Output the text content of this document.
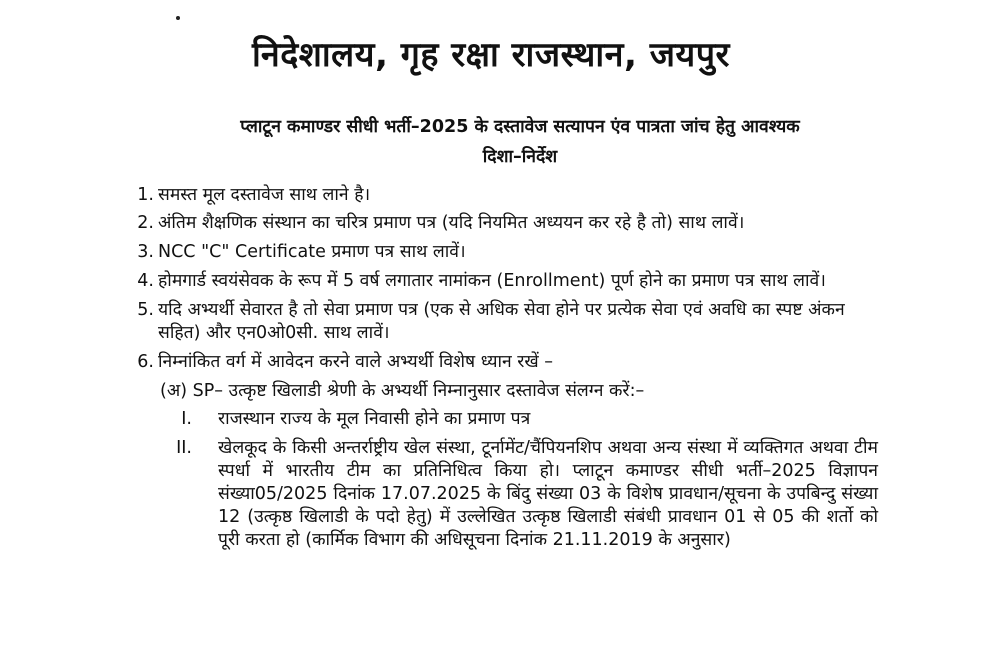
निदेशालय, गृह रक्षा राजस्थान, जयपुर
प्लाटून कमाण्डर सीधी भर्ती–2025 के दस्तावेज सत्यापन एंव पात्रता जांच हेतु आवश्यक
दिशा–निर्देश
1. समस्त मूल दस्तावेज साथ लाने है।
2. अंतिम शैक्षणिक संस्थान का चरित्र प्रमाण पत्र (यदि नियमित अध्ययन कर रहे है तो) साथ लावें।
3. NCC "C" Certificate प्रमाण पत्र साथ लावें।
4. होमगार्ड स्वयंसेवक के रूप में 5 वर्ष लगातार नामांकन (Enrollment) पूर्ण होने का प्रमाण पत्र साथ लावें।
5. यदि अभ्यर्थी सेवारत है तो सेवा प्रमाण पत्र (एक से अधिक सेवा होने पर प्रत्येक सेवा एवं अवधि का स्पष्ट अंकन सहित) और एन0ओ0सी. साथ लावें।
6. निम्नांकित वर्ग में आवेदन करने वाले अभ्यर्थी विशेष ध्यान रखें –
(अ) SP– उत्कृष्ट खिलाडी श्रेणी के अभ्यर्थी निम्नानुसार दस्तावेज संलग्न करें:–
I. राजस्थान राज्य के मूल निवासी होने का प्रमाण पत्र
II. खेलकूद के किसी अन्तर्राष्ट्रीय खेल संस्था, टूर्नामेंट/चैंपियनशिप अथवा अन्य संस्था में व्यक्तिगत अथवा टीम स्पर्धा में भारतीय टीम का प्रतिनिधित्व किया हो। प्लाटून कमाण्डर सीधी भर्ती–2025 विज्ञापन संख्या05/2025 दिनांक 17.07.2025 के बिंदु संख्या 03 के विशेष प्रावधान/सूचना के उपबिन्दु संख्या 12 (उत्कृष्ठ खिलाडी के पदो हेतु) में उल्लेखित उत्कृष्ठ खिलाडी संबंधी प्रावधान 01 से 05 की शर्तो को पूरी करता हो (कार्मिक विभाग की अधिसूचना दिनांक 21.11.2019 के अनुसार)
